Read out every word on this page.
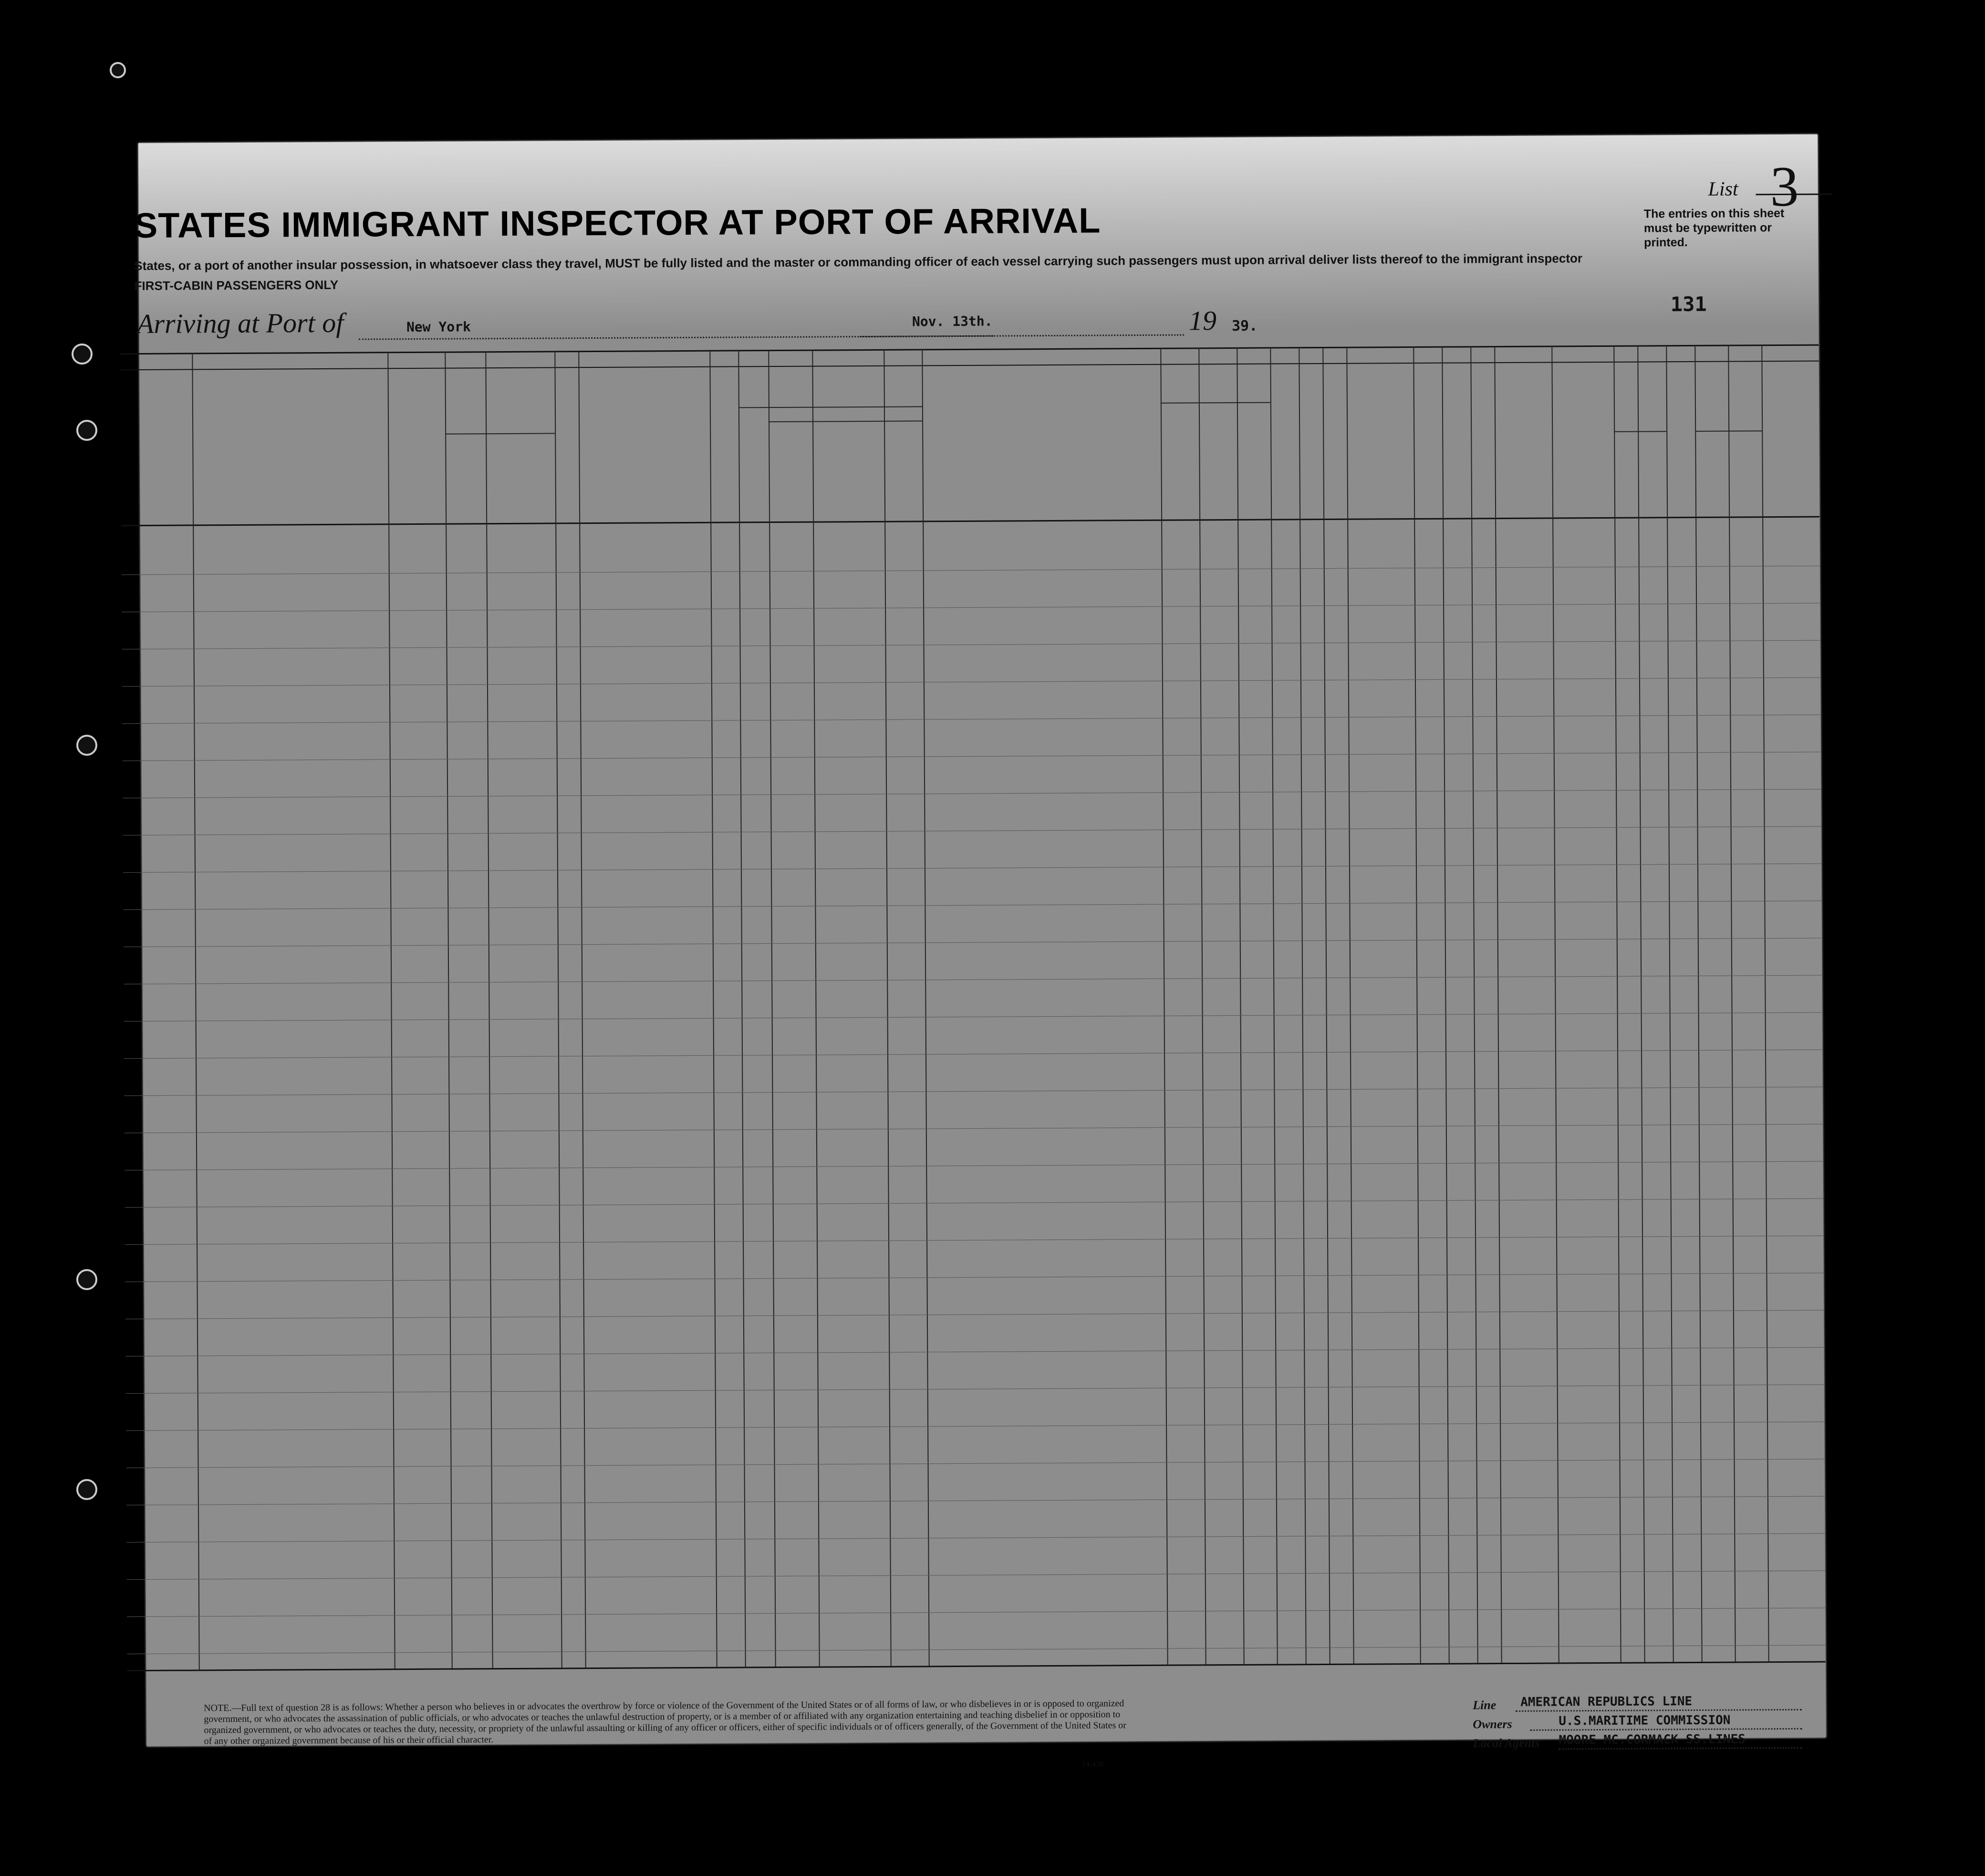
STATES IMMIGRANT INSPECTOR AT PORT OF ARRIVAL
States, or a port of another insular possession, in whatsoever class they travel, MUST be fully listed and the master or commanding officer of each vessel carrying such passengers must upon arrival deliver lists thereof to the immigrant inspector
FIRST-CABIN PASSENGERS ONLY
List 3
The entries on this sheet must be typewritten or printed.
Arriving at Port of	New York	Nov. 13th.	19 39.
131
NOTE.—Full text of question 28 is as follows: Whether a person who believes in or advocates the overthrow by force or violence of the Government of the United States or of all forms of law, or who disbelieves in or is opposed to organized government, or who advocates the assassination of public officials, or who advocates or teaches the unlawful destruction of property, or is a member of or affiliated with any organization entertaining and teaching disbelief in or opposition to organized government, or who advocates or teaches the duty, necessity, or propriety of the unlawful assaulting or killing of any officer or officers, either of specific individuals or of officers generally, of the Government of the United States or of any other organized government because of his or their official character.
14-430
Line AMERICAN REPUBLICS LINE
Owners	U.S.MARITIME COMMISSION
Local Agents MOORE MC.CORMACK SS.LINES
